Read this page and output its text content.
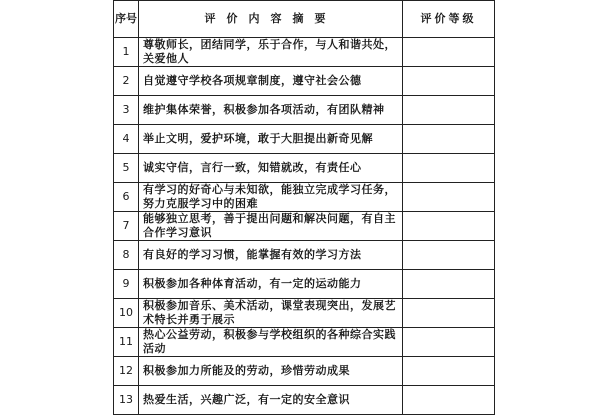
序号	评价内容摘要	评价等级
1	尊敬师长，团结同学，乐于合作，与人和谐共处，关爱他人	
2	自觉遵守学校各项规章制度，遵守社会公德	
3	维护集体荣誉，积极参加各项活动，有团队精神	
4	举止文明，爱护环境，敢于大胆提出新奇见解	
5	诚实守信，言行一致，知错就改，有责任心	
6	有学习的好奇心与未知欲，能独立完成学习任务，努力克服学习中的困难	
7	能够独立思考，善于提出问题和解决问题，有自主合作学习意识	
8	有良好的学习习惯，能掌握有效的学习方法	
9	积极参加各种体育活动，有一定的运动能力	
10	积极参加音乐、美术活动，课堂表现突出，发展艺术特长并勇于展示	
11	热心公益劳动，积极参与学校组织的各种综合实践活动	
12	积极参加力所能及的劳动，珍惜劳动成果	
13	热爱生活，兴趣广泛，有一定的安全意识	
